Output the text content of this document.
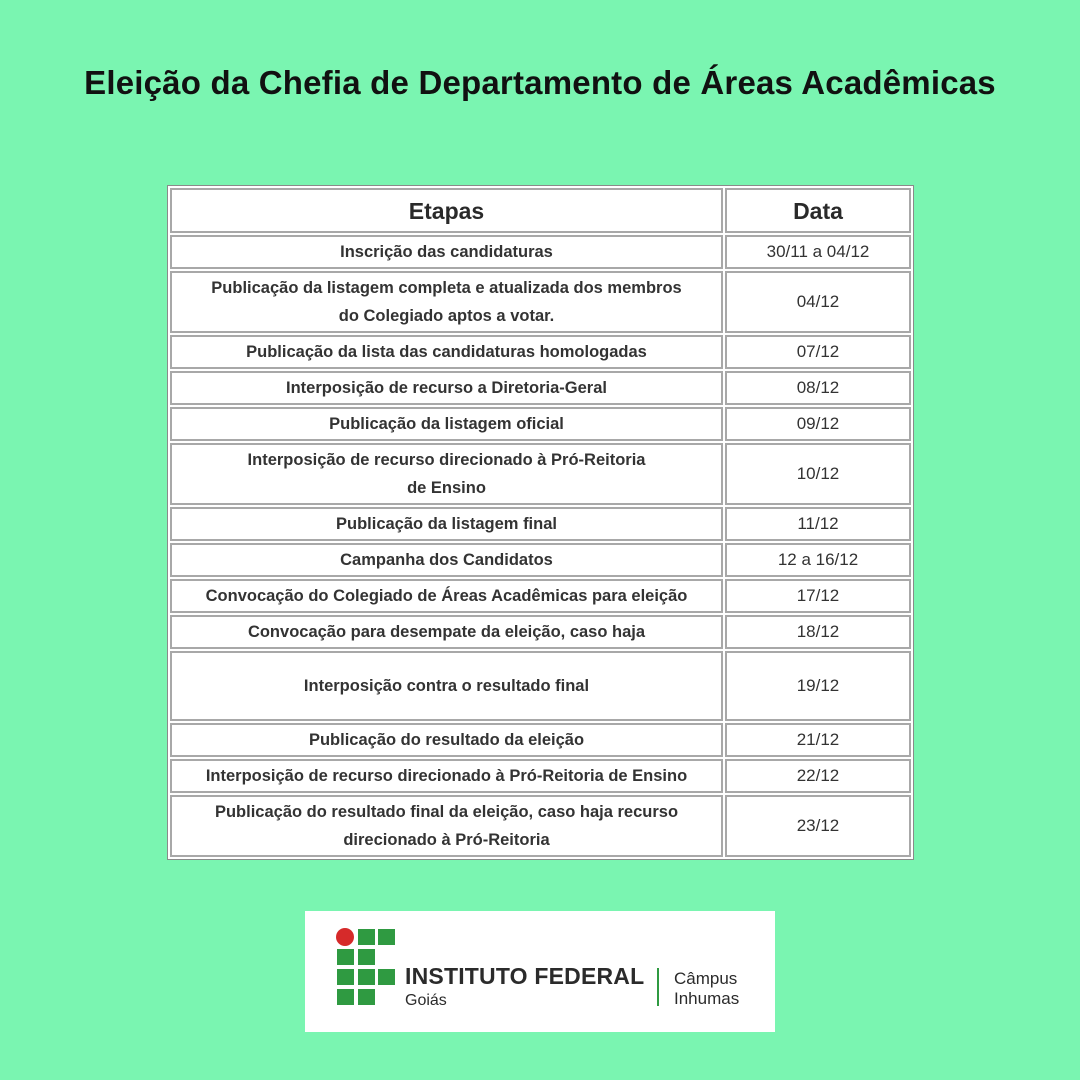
Eleição da Chefia de Departamento de Áreas Acadêmicas
Etapas	Data

Inscrição das candidaturas	30/11 a 04/12

Publicação da listagem completa e atualizada dos membros
do Colegiado aptos a votar.	04/12

Publicação da lista das candidaturas homologadas	07/12

Interposição de recurso a Diretoria-Geral	08/12

Publicação da listagem oficial	09/12

Interposição de recurso direcionado à Pró-Reitoria
de Ensino	10/12

Publicação da listagem final	11/12

Campanha dos Candidatos	12 a 16/12

Convocação do Colegiado de Áreas Acadêmicas para eleição	17/12

Convocação para desempate da eleição, caso haja	18/12

Interposição contra o resultado final	19/12

Publicação do resultado da eleição	21/12

Interposição de recurso direcionado à Pró-Reitoria de Ensino	22/12

Publicação do resultado final da eleição, caso haja recurso
direcionado à Pró-Reitoria	23/12
INSTITUTO FEDERAL
Goiás
Câmpus
Inhumas
